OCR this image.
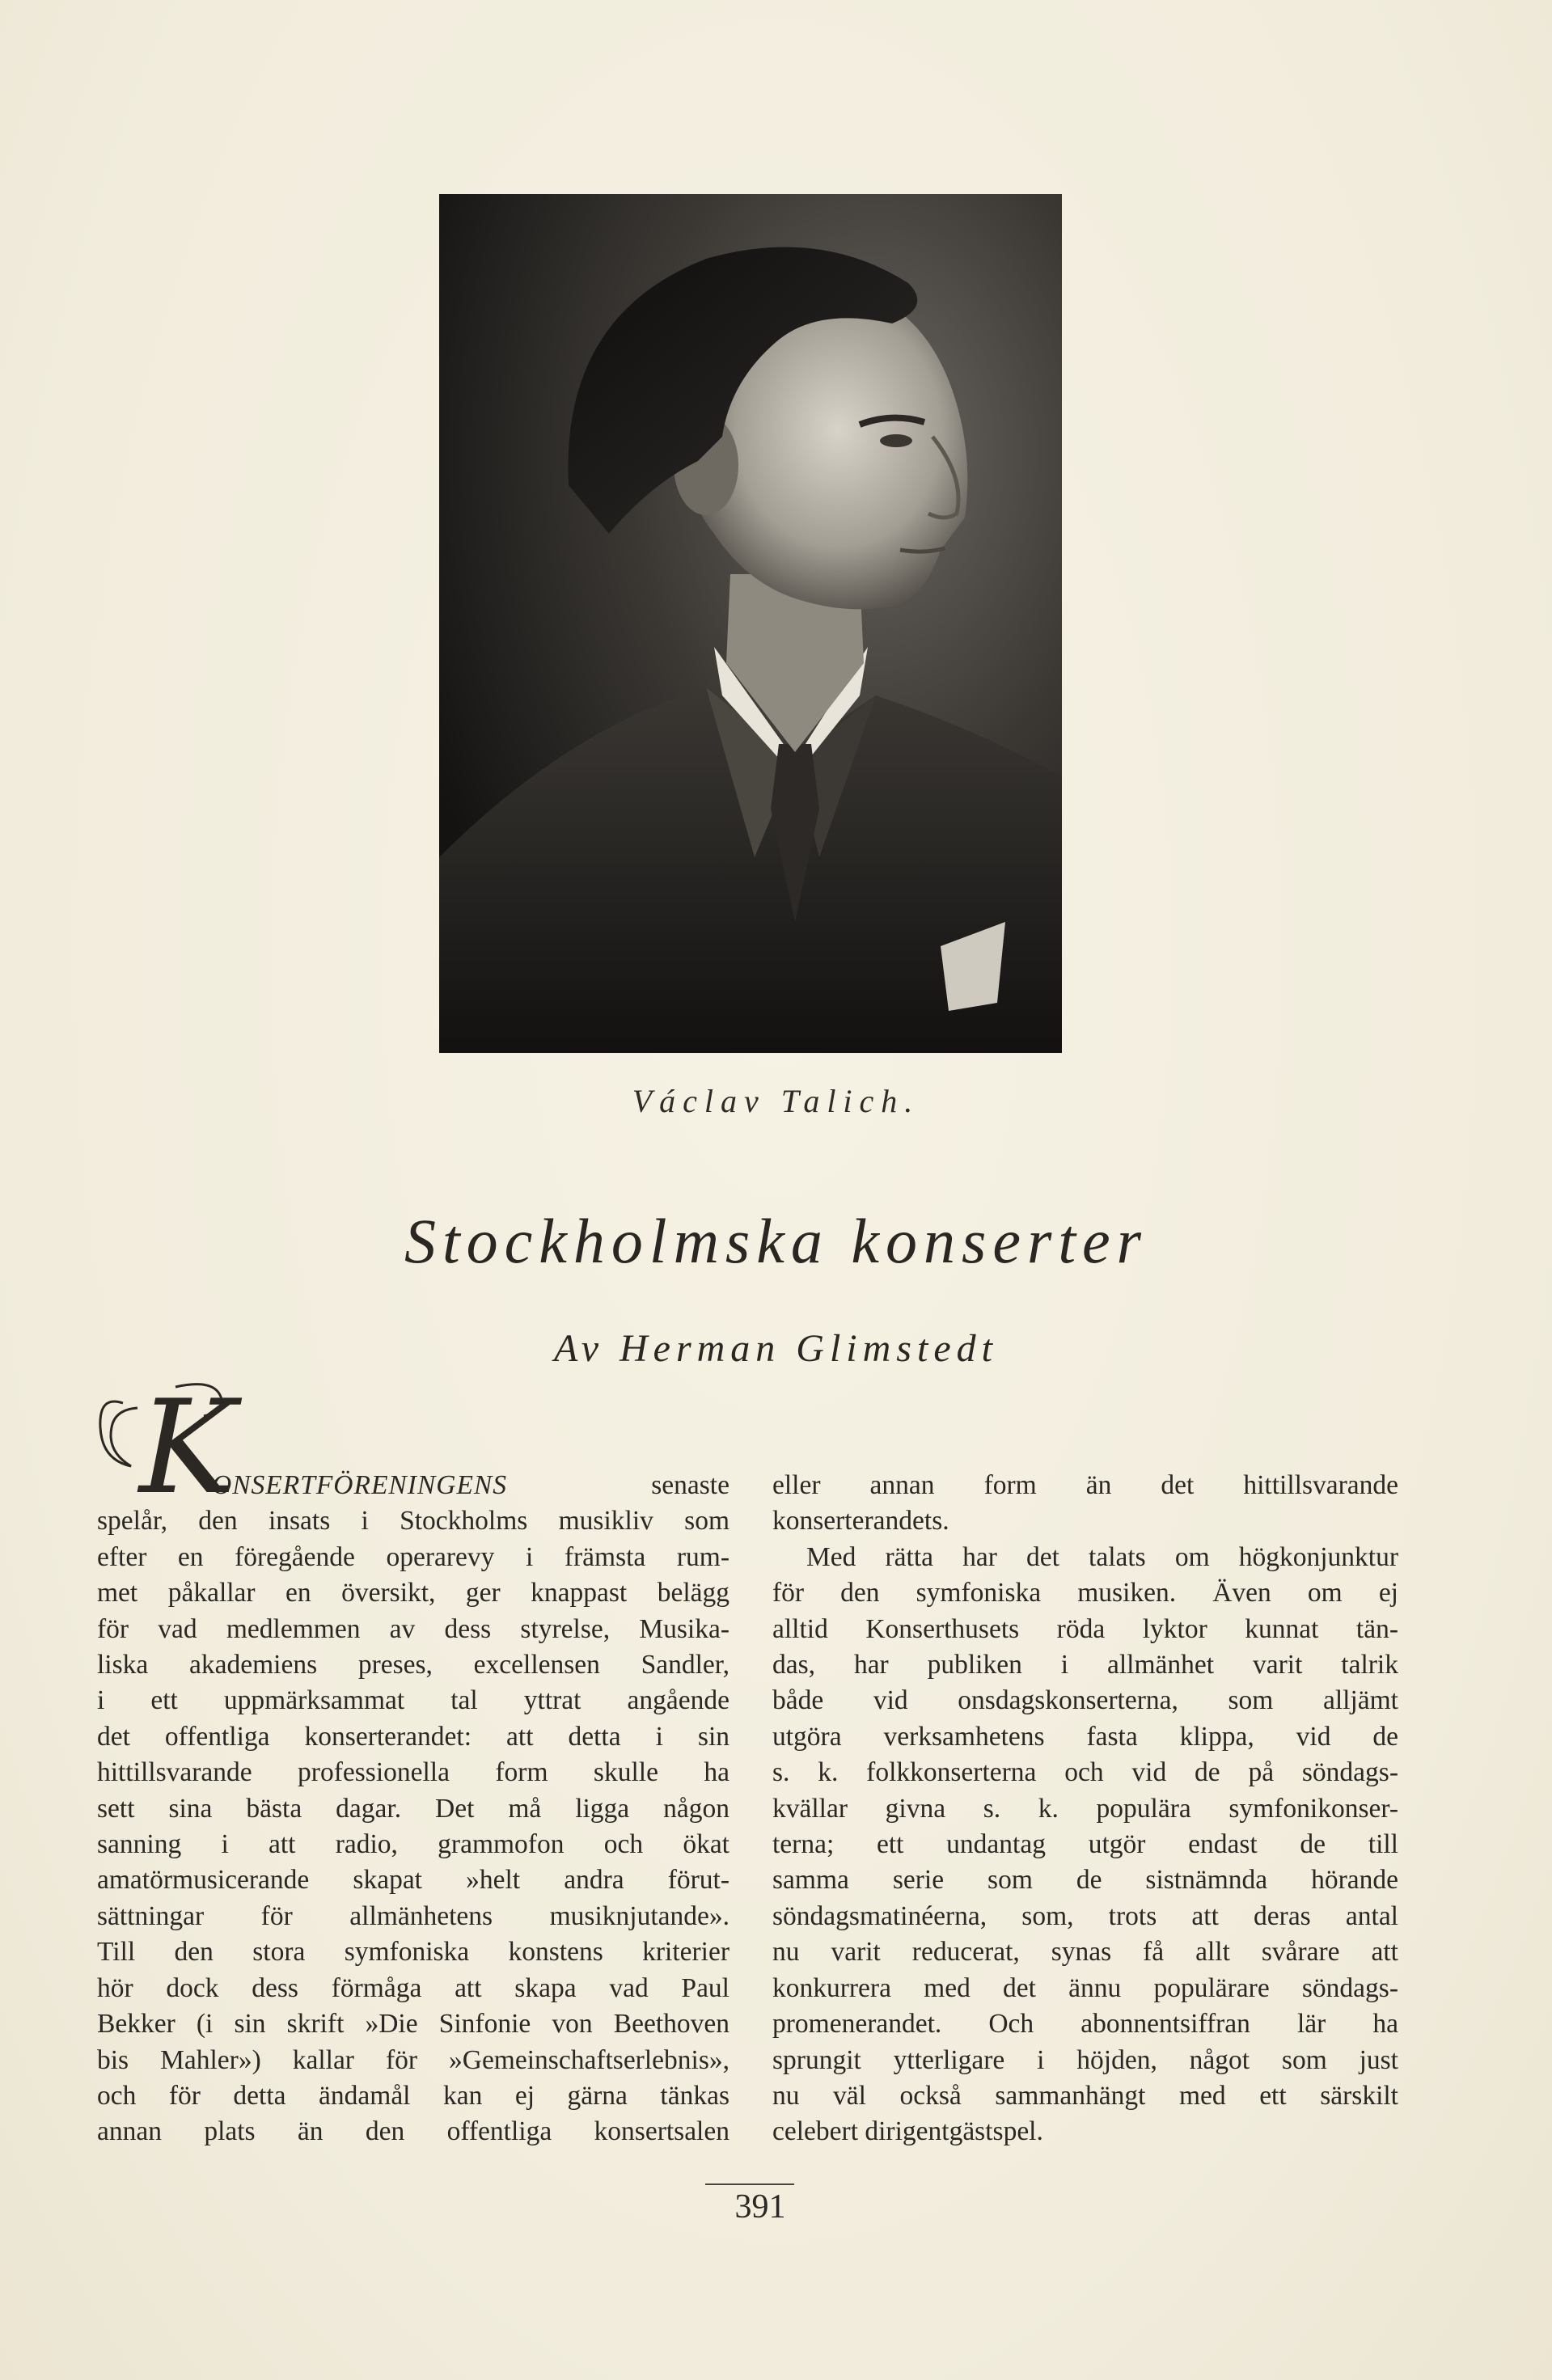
Václav Talich.
Stockholmska konserter
Av Herman Glimstedt
K
ONSERTFÖRENINGENS senaste
spelår, den insats i Stockholms musikliv som
efter en föregående operarevy i främsta rum-
met påkallar en översikt, ger knappast belägg
för vad medlemmen av dess styrelse, Musika-
liska akademiens preses, excellensen Sandler,
i ett uppmärksammat tal yttrat angående
det offentliga konserterandet: att detta i sin
hittillsvarande professionella form skulle ha
sett sina bästa dagar. Det må ligga någon
sanning i att radio, grammofon och ökat
amatörmusicerande skapat »helt andra förut-
sättningar för allmänhetens musiknjutande».
Till den stora symfoniska konstens kriterier
hör dock dess förmåga att skapa vad Paul
Bekker (i sin skrift »Die Sinfonie von Beethoven
bis Mahler») kallar för »Gemeinschaftserlebnis»,
och för detta ändamål kan ej gärna tänkas
annan plats än den offentliga konsertsalen
eller annan form än det hittillsvarande
konserterandets.
Med rätta har det talats om högkonjunktur
för den symfoniska musiken. Även om ej
alltid Konserthusets röda lyktor kunnat tän-
das, har publiken i allmänhet varit talrik
både vid onsdagskonserterna, som alljämt
utgöra verksamhetens fasta klippa, vid de
s. k. folkkonserterna och vid de på söndags-
kvällar givna s. k. populära symfonikonser-
terna; ett undantag utgör endast de till
samma serie som de sistnämnda hörande
söndagsmatinéerna, som, trots att deras antal
nu varit reducerat, synas få allt svårare att
konkurrera med det ännu populärare söndags-
promenerandet. Och abonnentsiffran lär ha
sprungit ytterligare i höjden, något som just
nu väl också sammanhängt med ett särskilt
celebert dirigentgästspel.
391
